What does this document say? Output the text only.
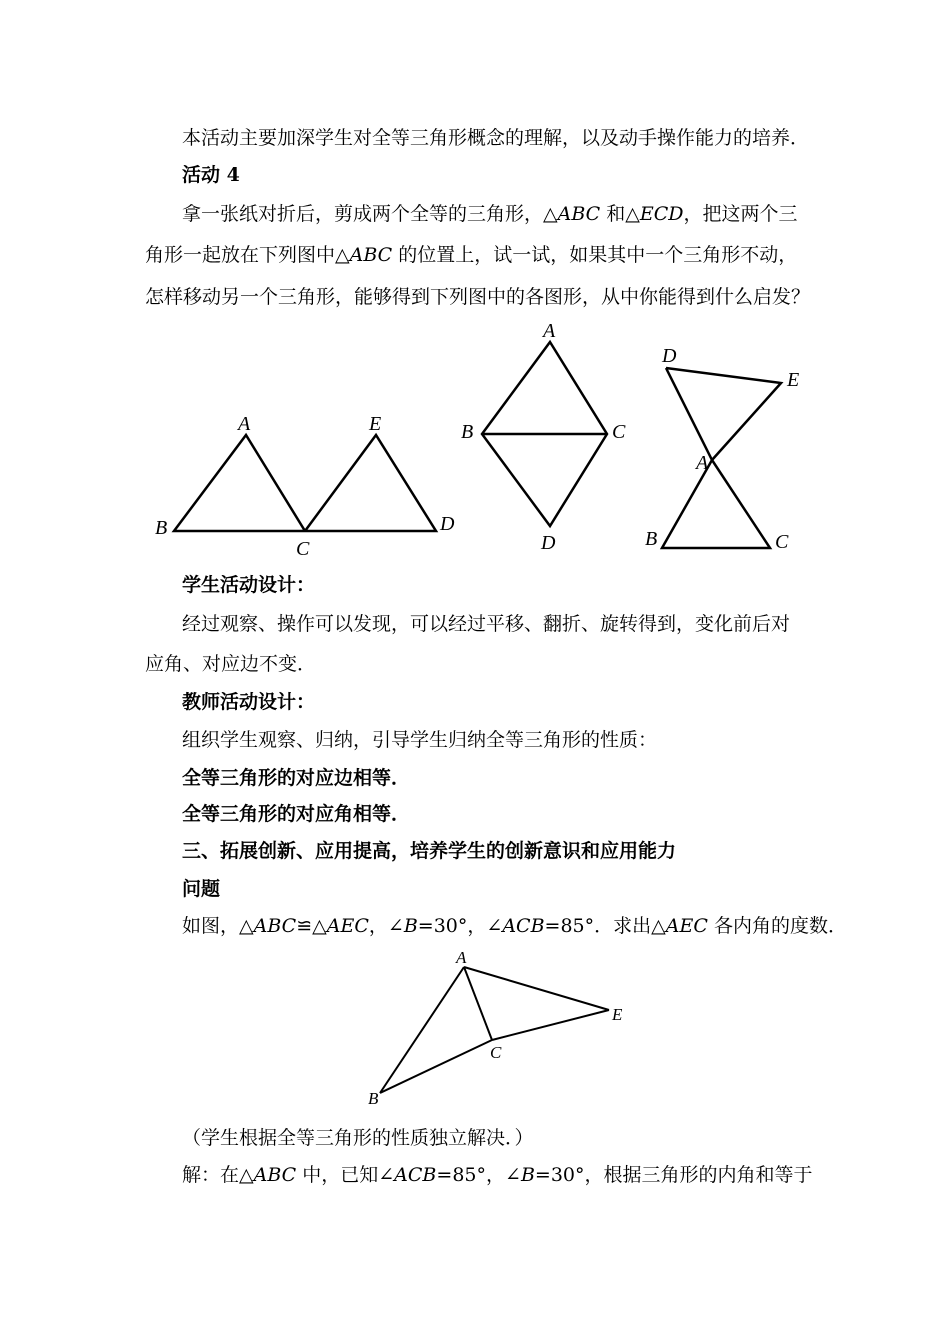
本活动主要加深学生对全等三角形概念的理解，以及动手操作能力的培养．
活动 4
拿一张纸对折后，剪成两个全等的三角形，△ABC 和△ECD，把这两个三
角形一起放在下列图中△ABC 的位置上，试一试，如果其中一个三角形不动，
怎样移动另一个三角形，能够得到下列图中的各图形，从中你能得到什么启发？
A
B
C
D
E
A
B	C
D
D
E
A
B	C
学生活动设计：
经过观察、操作可以发现，可以经过平移、翻折、旋转得到，变化前后对
应角、对应边不变．
教师活动设计：
组织学生观察、归纳，引导学生归纳全等三角形的性质：
全等三角形的对应边相等．
全等三角形的对应角相等．
三、拓展创新、应用提高，培养学生的创新意识和应用能力
问题
如图，△ABC≌△AEC，∠B=30°，∠ACB=85°．求出△AEC 各内角的度数．
A
B
C
E
（学生根据全等三角形的性质独立解决．）
解：在△ABC 中，已知∠ACB=85°，∠B=30°，根据三角形的内角和等于
